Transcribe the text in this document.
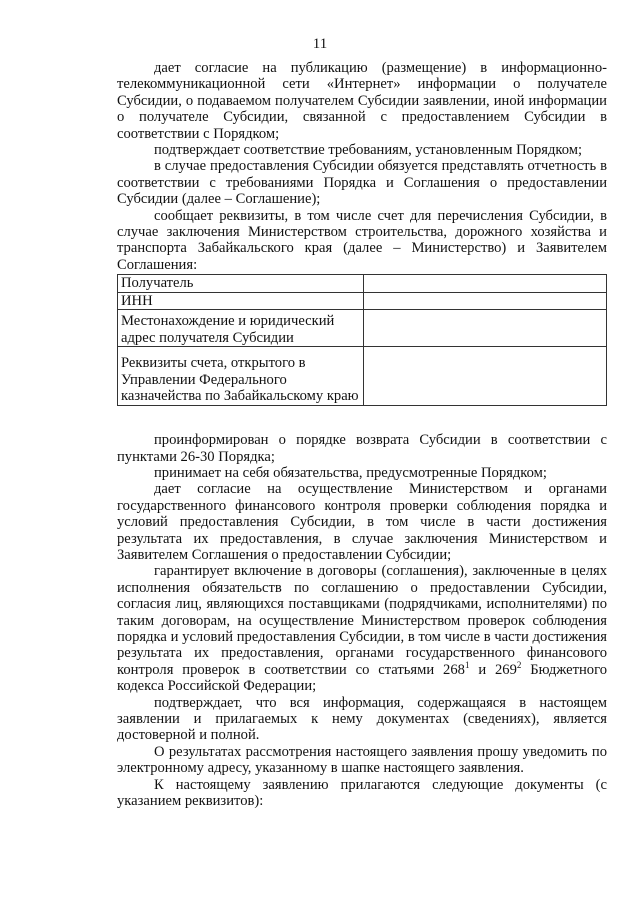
11

дает согласие на публикацию (размещение) в информационно-телекоммуникационной сети «Интернет» информации о получателе Субсидии, о подаваемом получателем Субсидии заявлении, иной информации о получателе Субсидии, связанной с предоставлением Субсидии в соответствии с Порядком;

подтверждает соответствие требованиям, установленным Порядком;

в случае предоставления Субсидии обязуется представлять отчетность в соответствии с требованиями Порядка и Соглашения о предоставлении Субсидии (далее – Соглашение);

сообщает реквизиты, в том числе счет для перечисления Субсидии, в случае заключения Министерством строительства, дорожного хозяйства и транспорта Забайкальского края (далее – Министерство) и Заявителем Соглашения:

Получатель	
ИНН	
Местонахождение и юридический адрес получателя Субсидии	
Реквизиты счета, открытого в Управлении Федерального казначейства по Забайкальскому краю	

проинформирован о порядке возврата Субсидии в соответствии с пунктами 26-30 Порядка;

принимает на себя обязательства, предусмотренные Порядком;

дает согласие на осуществление Министерством и органами государственного финансового контроля проверки соблюдения порядка и условий предоставления Субсидии, в том числе в части достижения результата их предоставления, в случае заключения Министерством и Заявителем Соглашения о предоставлении Субсидии;

гарантирует включение в договоры (соглашения), заключенные в целях исполнения обязательств по соглашению о предоставлении Субсидии, согласия лиц, являющихся поставщиками (подрядчиками, исполнителями) по таким договорам, на осуществление Министерством проверок соблюдения порядка и условий предоставления Субсидии, в том числе в части достижения результата их предоставления, органами государственного финансового контроля проверок в соответствии со статьями $268^1$ и $269^2$ Бюджетного кодекса Российской Федерации;

подтверждает, что вся информация, содержащаяся в настоящем заявлении и прилагаемых к нему документах (сведениях), является достоверной и полной.

О результатах рассмотрения настоящего заявления прошу уведомить по электронному адресу, указанному в шапке настоящего заявления.

К настоящему заявлению прилагаются следующие документы (с указанием реквизитов):
